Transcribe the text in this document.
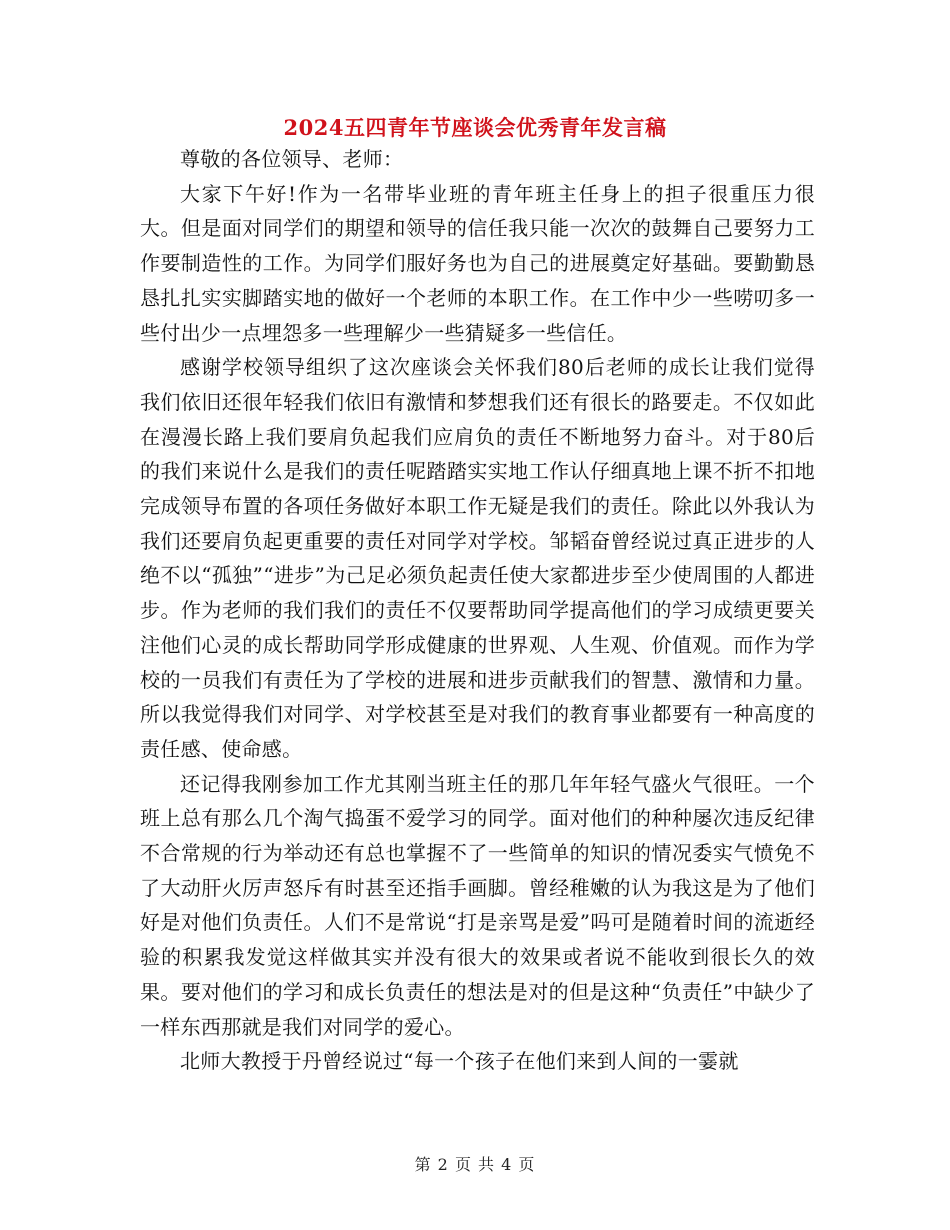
2024五四青年节座谈会优秀青年发言稿

尊敬的各位领导、老师：

大家下午好!作为一名带毕业班的青年班主任身上的担子很重压力很大。但是面对同学们的期望和领导的信任我只能一次次的鼓舞自己要努力工作要制造性的工作。为同学们服好务也为自己的进展奠定好基础。要勤勤恳恳扎扎实实脚踏实地的做好一个老师的本职工作。在工作中少一些唠叨多一些付出少一点埋怨多一些理解少一些猜疑多一些信任。

感谢学校领导组织了这次座谈会关怀我们80后老师的成长让我们觉得我们依旧还很年轻我们依旧有激情和梦想我们还有很长的路要走。不仅如此在漫漫长路上我们要肩负起我们应肩负的责任不断地努力奋斗。对于80后的我们来说什么是我们的责任呢踏踏实实地工作认仔细真地上课不折不扣地完成领导布置的各项任务做好本职工作无疑是我们的责任。除此以外我认为我们还要肩负起更重要的责任对同学对学校。邹韬奋曾经说过真正进步的人绝不以“孤独”“进步”为己足必须负起责任使大家都进步至少使周围的人都进步。作为老师的我们我们的责任不仅要帮助同学提高他们的学习成绩更要关注他们心灵的成长帮助同学形成健康的世界观、人生观、价值观。而作为学校的一员我们有责任为了学校的进展和进步贡献我们的智慧、激情和力量。所以我觉得我们对同学、对学校甚至是对我们的教育事业都要有一种高度的责任感、使命感。

还记得我刚参加工作尤其刚当班主任的那几年年轻气盛火气很旺。一个班上总有那么几个淘气捣蛋不爱学习的同学。面对他们的种种屡次违反纪律不合常规的行为举动还有总也掌握不了一些简单的知识的情况委实气愤免不了大动肝火厉声怒斥有时甚至还指手画脚。曾经稚嫩的认为我这是为了他们好是对他们负责任。人们不是常说“打是亲骂是爱”吗可是随着时间的流逝经验的积累我发觉这样做其实并没有很大的效果或者说不能收到很长久的效果。要对他们的学习和成长负责任的想法是对的但是这种“负责任”中缺少了一样东西那就是我们对同学的爱心。

北师大教授于丹曾经说过“每一个孩子在他们来到人间的一霎就

第 2 页 共 4 页
